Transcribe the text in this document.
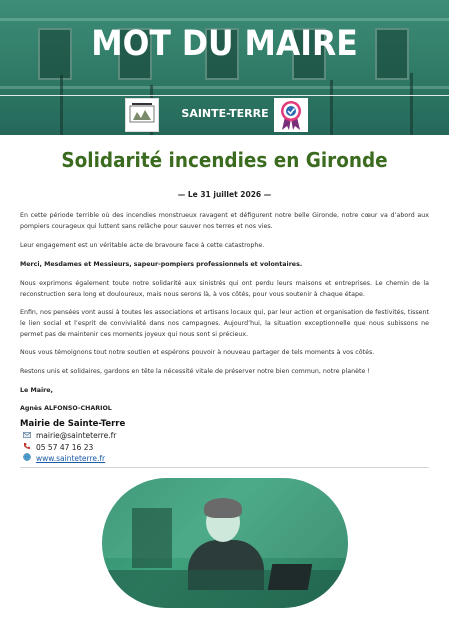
MOT DU MAIRE
SAINTE-TERRE
Solidarité incendies en Gironde
— Le 31 juillet 2026 —
En cette période terrible où des incendies monstrueux ravagent et défigurent notre belle Gironde, notre cœur va d’abord aux pompiers courageux qui luttent sans relâche pour sauver nos terres et nos vies.
Leur engagement est un véritable acte de bravoure face à cette catastrophe.
Merci, Mesdames et Messieurs, sapeur-pompiers professionnels et volontaires.
Nous exprimons également toute notre solidarité aux sinistrés qui ont perdu leurs maisons et entreprises. Le chemin de la reconstruction sera long et douloureux, mais nous serons là, à vos côtés, pour vous soutenir à chaque étape.
Enfin, nos pensées vont aussi à toutes les associations et artisans locaux qui, par leur action et organisation de festivités, tissent le lien social et l’esprit de convivialité dans nos campagnes. Aujourd’hui, la situation exceptionnelle que nous subissons ne permet pas de maintenir ces moments joyeux qui nous sont si précieux.
Nous vous témoignons tout notre soutien et espérons pouvoir à nouveau partager de tels moments à vos côtés.
Restons unis et solidaires, gardons en tête la nécessité vitale de préserver notre bien commun, notre planète !
Le Maire,
Agnès ALFONSO-CHARIOL
Mairie de Sainte-Terre
mairie@sainteterre.fr
05 57 47 16 23
www.sainteterre.fr
